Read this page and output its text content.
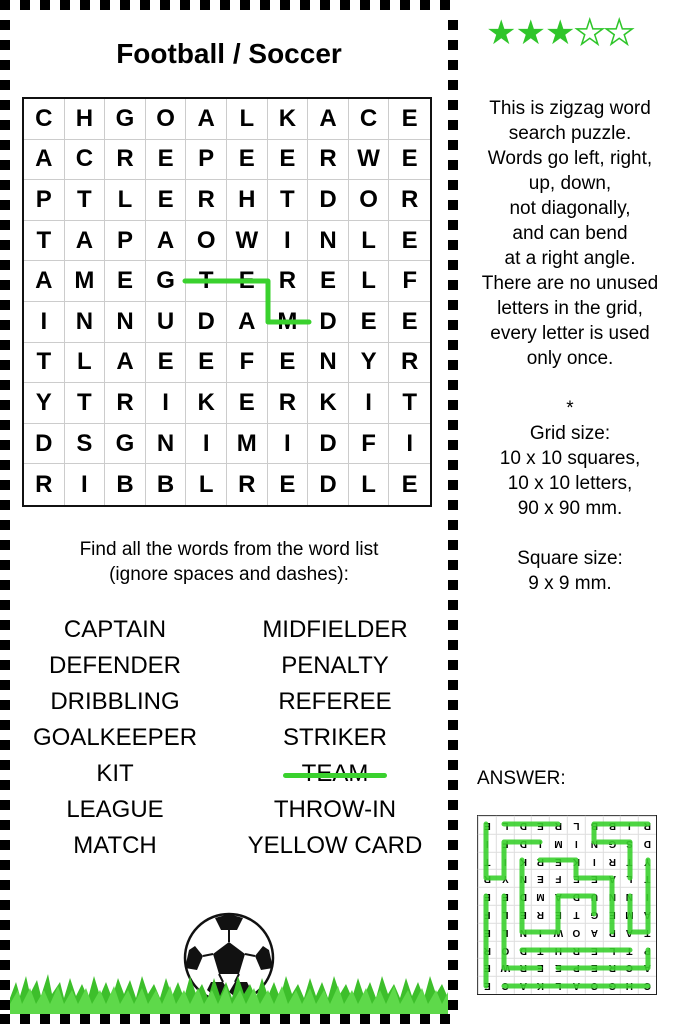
Football / Soccer
C H G O A	L	K A C	E
A C R E	P	E	E R W E
P	T	L	E R H	T	D O R
T	A P A O W	I	N	L	E
A M E G T	E R E	L	F
I	N N U D A M D E	E
T	L	A E	E	F	E N Y	R
Y	T	R	I	K E R K	I	T
D S G N	I	M	I	D	F	I
R	I	B B	L	R E D	L	E
Find all the words from the word list
(ignore spaces and dashes):
CAPTAIN
DEFENDER
DRIBBLING
GOALKEEPER
KIT
LEAGUE
MATCH
MIDFIELDER
PENALTY
REFEREE
STRIKER
THROW-IN
YELLOW CARD
★★★★★
This is zigzag word
search puzzle.
Words go left, right,
up, down,
not diagonally,
and can bend
at a right angle.
There are no unused
letters in the grid,
every letter is used
only once.
*
Grid size:
10 x 10 squares,
10 x 10 letters,
90 x 90 mm.
Square size:
9 x 9 mm.
ANSWER:
E	L	D	E	R	L	B	B	I	R
I	F	D	I	M	I	N	G	S	D
T	I	K	R	E	K	I	R	T	Y
R	Y	N	E	F	E	E	A	L	T
E	E	D	M	A	D	U	N	N	I
F	L	E	R	E	T	G	E	M	A
E	L	N	I	W O	A	P	A	T
R	O	D	T	H	R	E	L	T	P
E W R	E	E	P	E	R	C	A
E	C	A	K	L	A	O	G	H	C
